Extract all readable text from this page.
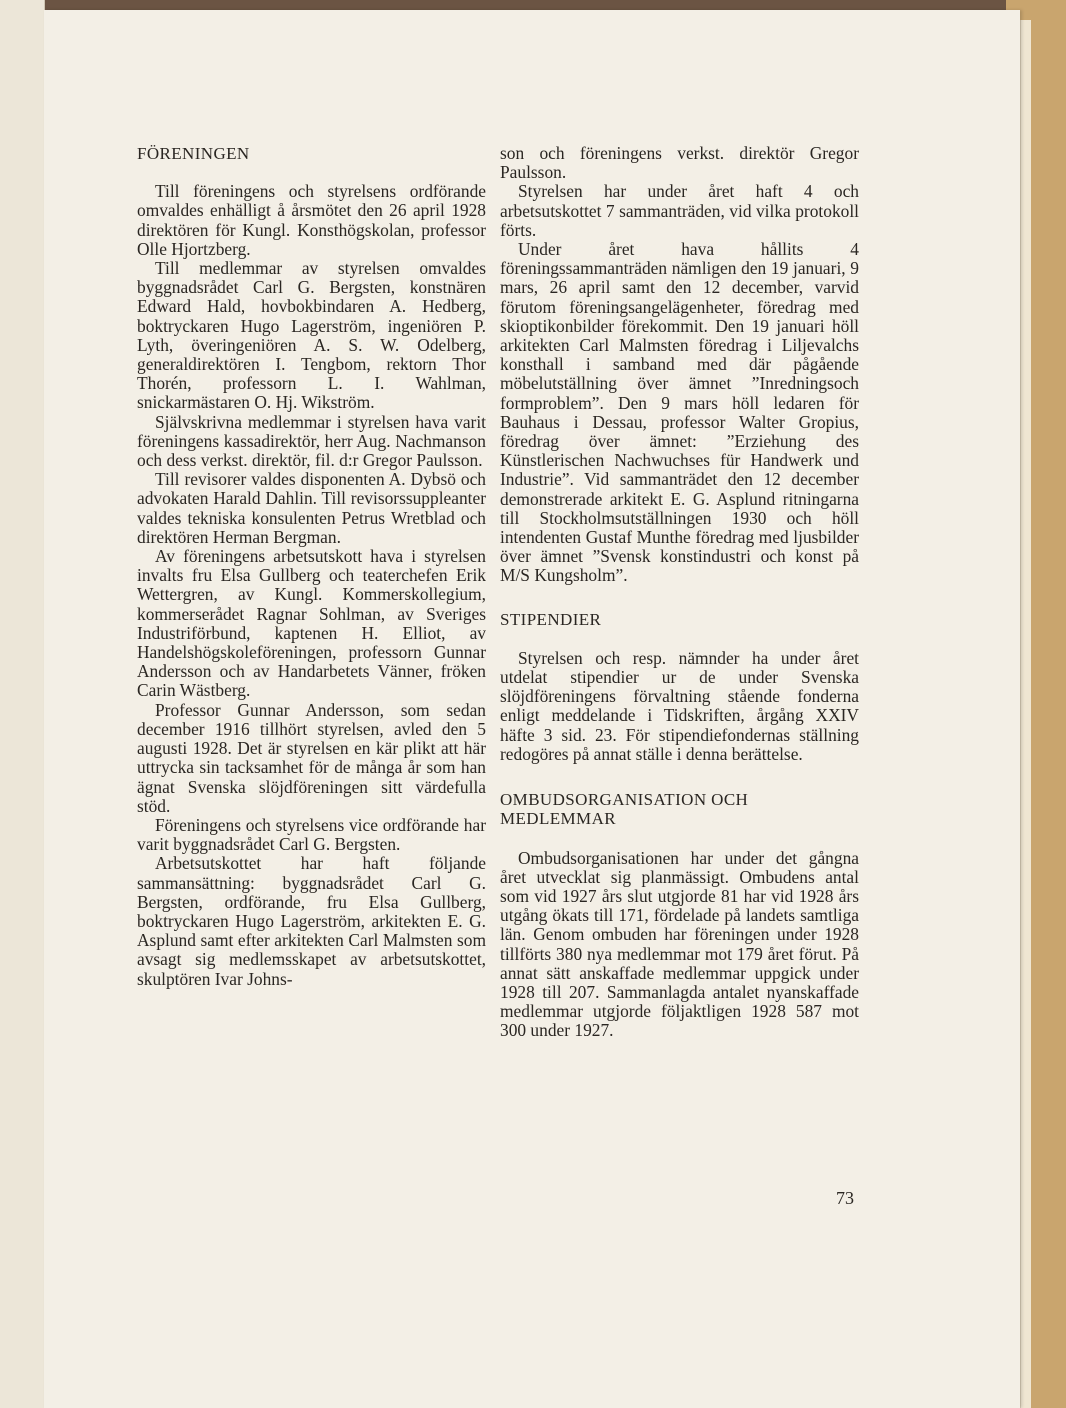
FÖRENINGEN

Till föreningens och styrelsens ordförande omvaldes enhälligt å årsmötet den 26 april 1928 direktören för Kungl. Konsthögskolan, professor Olle Hjortzberg.

Till medlemmar av styrelsen omvaldes byggnadsrådet Carl G. Bergsten, konstnären Edward Hald, hovbokbindaren A. Hedberg, boktryckaren Hugo Lagerström, ingeniören P. Lyth, överingeniören A. S. W. Odelberg, generaldirektören I. Tengbom, rektorn Thor Thorén, professorn L. I. Wahlman, snickarmästaren O. Hj. Wikström.

Självskrivna medlemmar i styrelsen hava varit föreningens kassadirektör, herr Aug. Nachmanson och dess verkst. direktör, fil. d:r Gregor Paulsson.

Till revisorer valdes disponenten A. Dybsö och advokaten Harald Dahlin. Till revisorssuppleanter valdes tekniska konsulenten Petrus Wretblad och direktören Herman Bergman.

Av föreningens arbetsutskott hava i styrelsen invalts fru Elsa Gullberg och teaterchefen Erik Wettergren, av Kungl. Kommerskollegium, kommerserådet Ragnar Sohlman, av Sveriges Industriförbund, kaptenen H. Elliot, av Handelshögskoleföreningen, professorn Gunnar Andersson och av Handarbetets Vänner, fröken Carin Wästberg.

Professor Gunnar Andersson, som sedan december 1916 tillhört styrelsen, avled den 5 augusti 1928. Det är styrelsen en kär plikt att här uttrycka sin tacksamhet för de många år som han ägnat Svenska slöjdföreningen sitt värdefulla stöd.

Föreningens och styrelsens vice ordförande har varit byggnadsrådet Carl G. Bergsten.

Arbetsutskottet har haft följande sammansättning: byggnadsrådet Carl G. Bergsten, ordförande, fru Elsa Gullberg, boktryckaren Hugo Lagerström, arkitekten E. G. Asplund samt efter arkitekten Carl Malmsten som avsagt sig medlemsskapet av arbetsutskottet, skulptören Ivar Johns-

son och föreningens verkst. direktör Gregor Paulsson.

Styrelsen har under året haft 4 och arbetsutskottet 7 sammanträden, vid vilka protokoll förts.

Under året hava hållits 4 föreningssammanträden nämligen den 19 januari, 9 mars, 26 april samt den 12 december, varvid förutom föreningsangelägenheter, föredrag med skioptikonbilder förekommit. Den 19 januari höll arkitekten Carl Malmsten föredrag i Liljevalchs konsthall i samband med där pågående möbelutställning över ämnet ”Inredningsoch formproblem”. Den 9 mars höll ledaren för Bauhaus i Dessau, professor Walter Gropius, föredrag över ämnet: ”Erziehung des Künstlerischen Nachwuchses für Handwerk und Industrie”. Vid sammanträdet den 12 december demonstrerade arkitekt E. G. Asplund ritningarna till Stockholmsutställningen 1930 och höll intendenten Gustaf Munthe föredrag med ljusbilder över ämnet ”Svensk konstindustri och konst på M/S Kungsholm”.

STIPENDIER

Styrelsen och resp. nämnder ha under året utdelat stipendier ur de under Svenska slöjdföreningens förvaltning stående fonderna enligt meddelande i Tidskriften, årgång XXIV häfte 3 sid. 23. För stipendiefondernas ställning redogöres på annat ställe i denna berättelse.

OMBUDSORGANISATION OCH MEDLEMMAR

Ombudsorganisationen har under det gångna året utvecklat sig planmässigt. Ombudens antal som vid 1927 års slut utgjorde 81 har vid 1928 års utgång ökats till 171, fördelade på landets samtliga län. Genom ombuden har föreningen under 1928 tillförts 380 nya medlemmar mot 179 året förut. På annat sätt anskaffade medlemmar uppgick under 1928 till 207. Sammanlagda antalet nyanskaffade medlemmar utgjorde följaktligen 1928 587 mot 300 under 1927.

73
